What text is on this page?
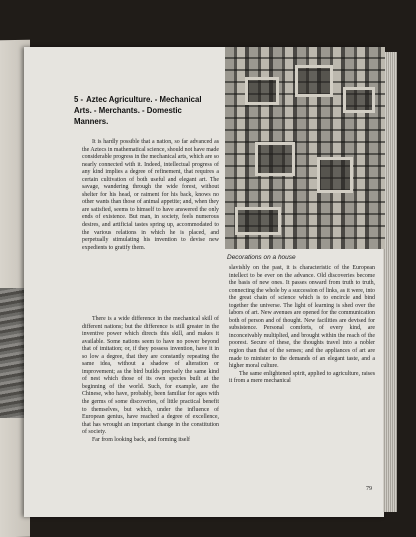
Decorations on a house
5 - Aztec Agriculture. - Mechanical Arts. - Merchants. - Domestic Manners.

It is hardly possible that a nation, so far advanced as the Aztecs in mathematical science, should not have made considerable progress in the mechanical arts, which are so nearly connected with it. Indeed, intellectual progress of any kind implies a degree of refinement, that requires a certain cultivation of both useful and elegant art. The savage, wandering through the wide forest, without shelter for his head, or raiment for his back, knows no other wants than those of animal appetite; and, when they are satisfied, seems to himself to have answered the only ends of existence. But man, in society, feels numerous desires, and artificial tastes spring up, accommodated to the various relations in which he is placed, and perpetually stimulating his invention to devise new expedients to gratify them.

There is a wide difference in the mechanical skill of different nations; but the difference is still greater in the inventive power which directs this skill, and makes it available. Some nations seem to have no power beyond that of imitation; or, if they possess invention, have it in so low a degree, that they are constantly repeating the same idea, without a shadow of alteration or improvement; as the bird builds precisely the same kind of nest which those of its own species built at the beginning of the world. Such, for example, are the Chinese, who have, probably, been familiar for ages with the germs of some discoveries, of little practical benefit to themselves, but which, under the influence of European genius, have reached a degree of excellence, that has wrought an important change in the constitution of society.

Far from looking back, and forming itself

slavishly on the past, it is characteristic of the European intellect to be ever on the advance. Old discoveries become the basis of new ones. It passes onward from truth to truth, connecting the whole by a succession of links, as it were, into the great chain of science which is to encircle and bind together the universe. The light of learning is shed over the labors of art. New avenues are opened for the communication both of person and of thought. New facilities are devised for subsistence. Personal comforts, of every kind, are inconceivably multiplied, and brought within the reach of the poorest. Secure of these, the thoughts travel into a nobler region than that of the senses; and the appliances of art are made to minister to the demands of an elegant taste, and a higher moral culture.

The same enlightened spirit, applied to agriculture, raises it from a mere mechanical

79
